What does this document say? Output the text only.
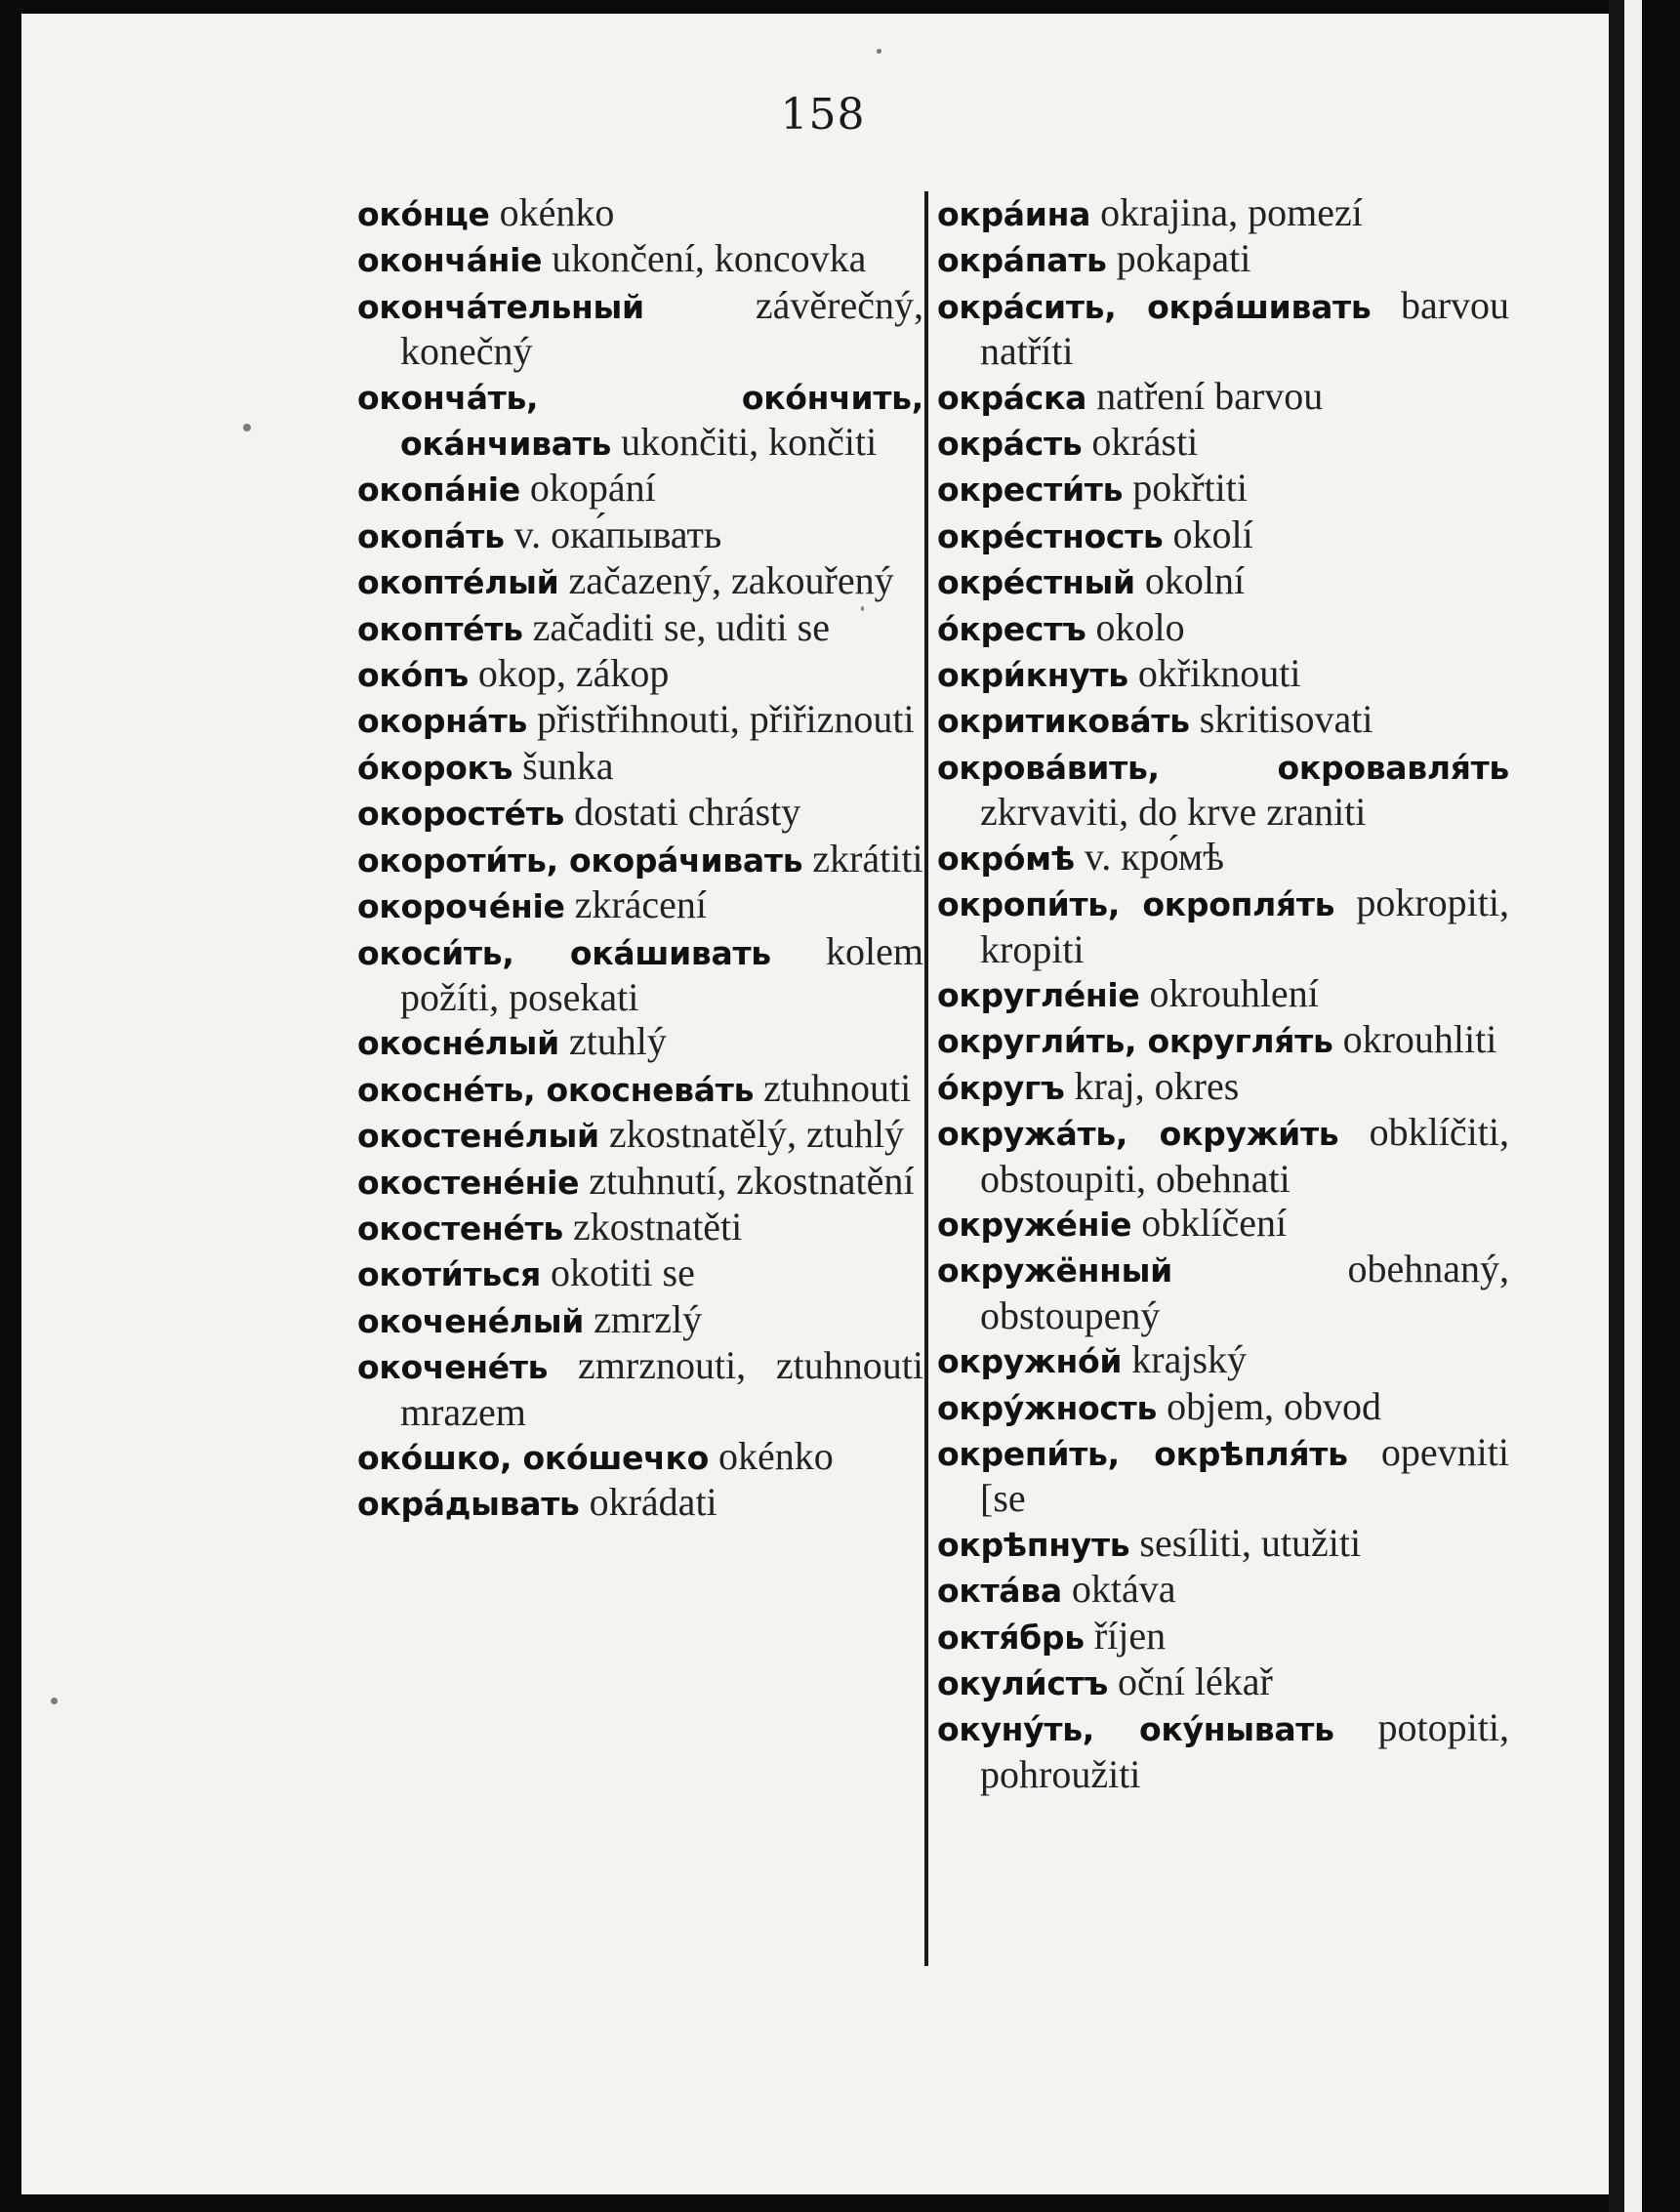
158
око́нце okénko
оконча́ніе ukončení, koncovka
оконча́тельный	závěrečný, konečný
оконча́ть, око́нчить, ока́нчивать ukončiti, končiti
окопа́ніе okopání
окопа́ть v. ока́пывать
окопте́лый začazený, zakouřený
окопте́ть začaditi se, uditi se
око́пъ okop, zákop
окорна́ть přistřihnouti, přiřiznouti
о́корокъ šunka
окоросте́ть dostati chrásty
окороти́ть, окора́чивать zkrátiti
окороче́ніе zkrácení
окоси́ть, ока́шивать kolem požíti, posekati
окосне́лый ztuhlý
окосне́ть, окоснева́ть ztuhnouti
окостене́лый zkostnatělý, ztuhlý
окостене́ніе ztuhnutí, zkostnatění
окостене́ть zkostnatěti
окоти́ться okotiti se
окочене́лый zmrzlý
окочене́ть zmrznouti, ztuhnouti mrazem
око́шко, око́шечко okénko
окра́дывать okrádati
окра́ина okrajina, pomezí
окра́пать pokapati
окра́сить, окра́шивать barvou natříti
окра́ска natření barvou
окра́сть okrásti
окрести́ть pokřtiti
окре́стность okolí
окре́стный okolní
о́крестъ okolo
окри́кнуть okřiknouti
окритикова́ть skritisovati
окрова́вить, окровавля́ть zkrvaviti, do krve zraniti
окро́мѣ v. кро́мѣ
окропи́ть, окропля́ть pokropiti, kropiti
округле́ніе okrouhlení
округли́ть, округля́ть okrouhliti
о́кругъ kraj, okres
окружа́ть, окружи́ть obklíčiti, obstoupiti, obehnati
окруже́ніе obklíčení
окружённый	obehnaný, obstoupený
окружно́й krajský
окру́жность objem, obvod
окрепи́ть, окрѣпля́ть opevniti [se
окрѣпнуть sesíliti, utužiti
окта́ва oktáva
октя́брь říjen
окули́стъ oční lékař
окуну́ть, оку́нывать potopiti, pohroužiti
